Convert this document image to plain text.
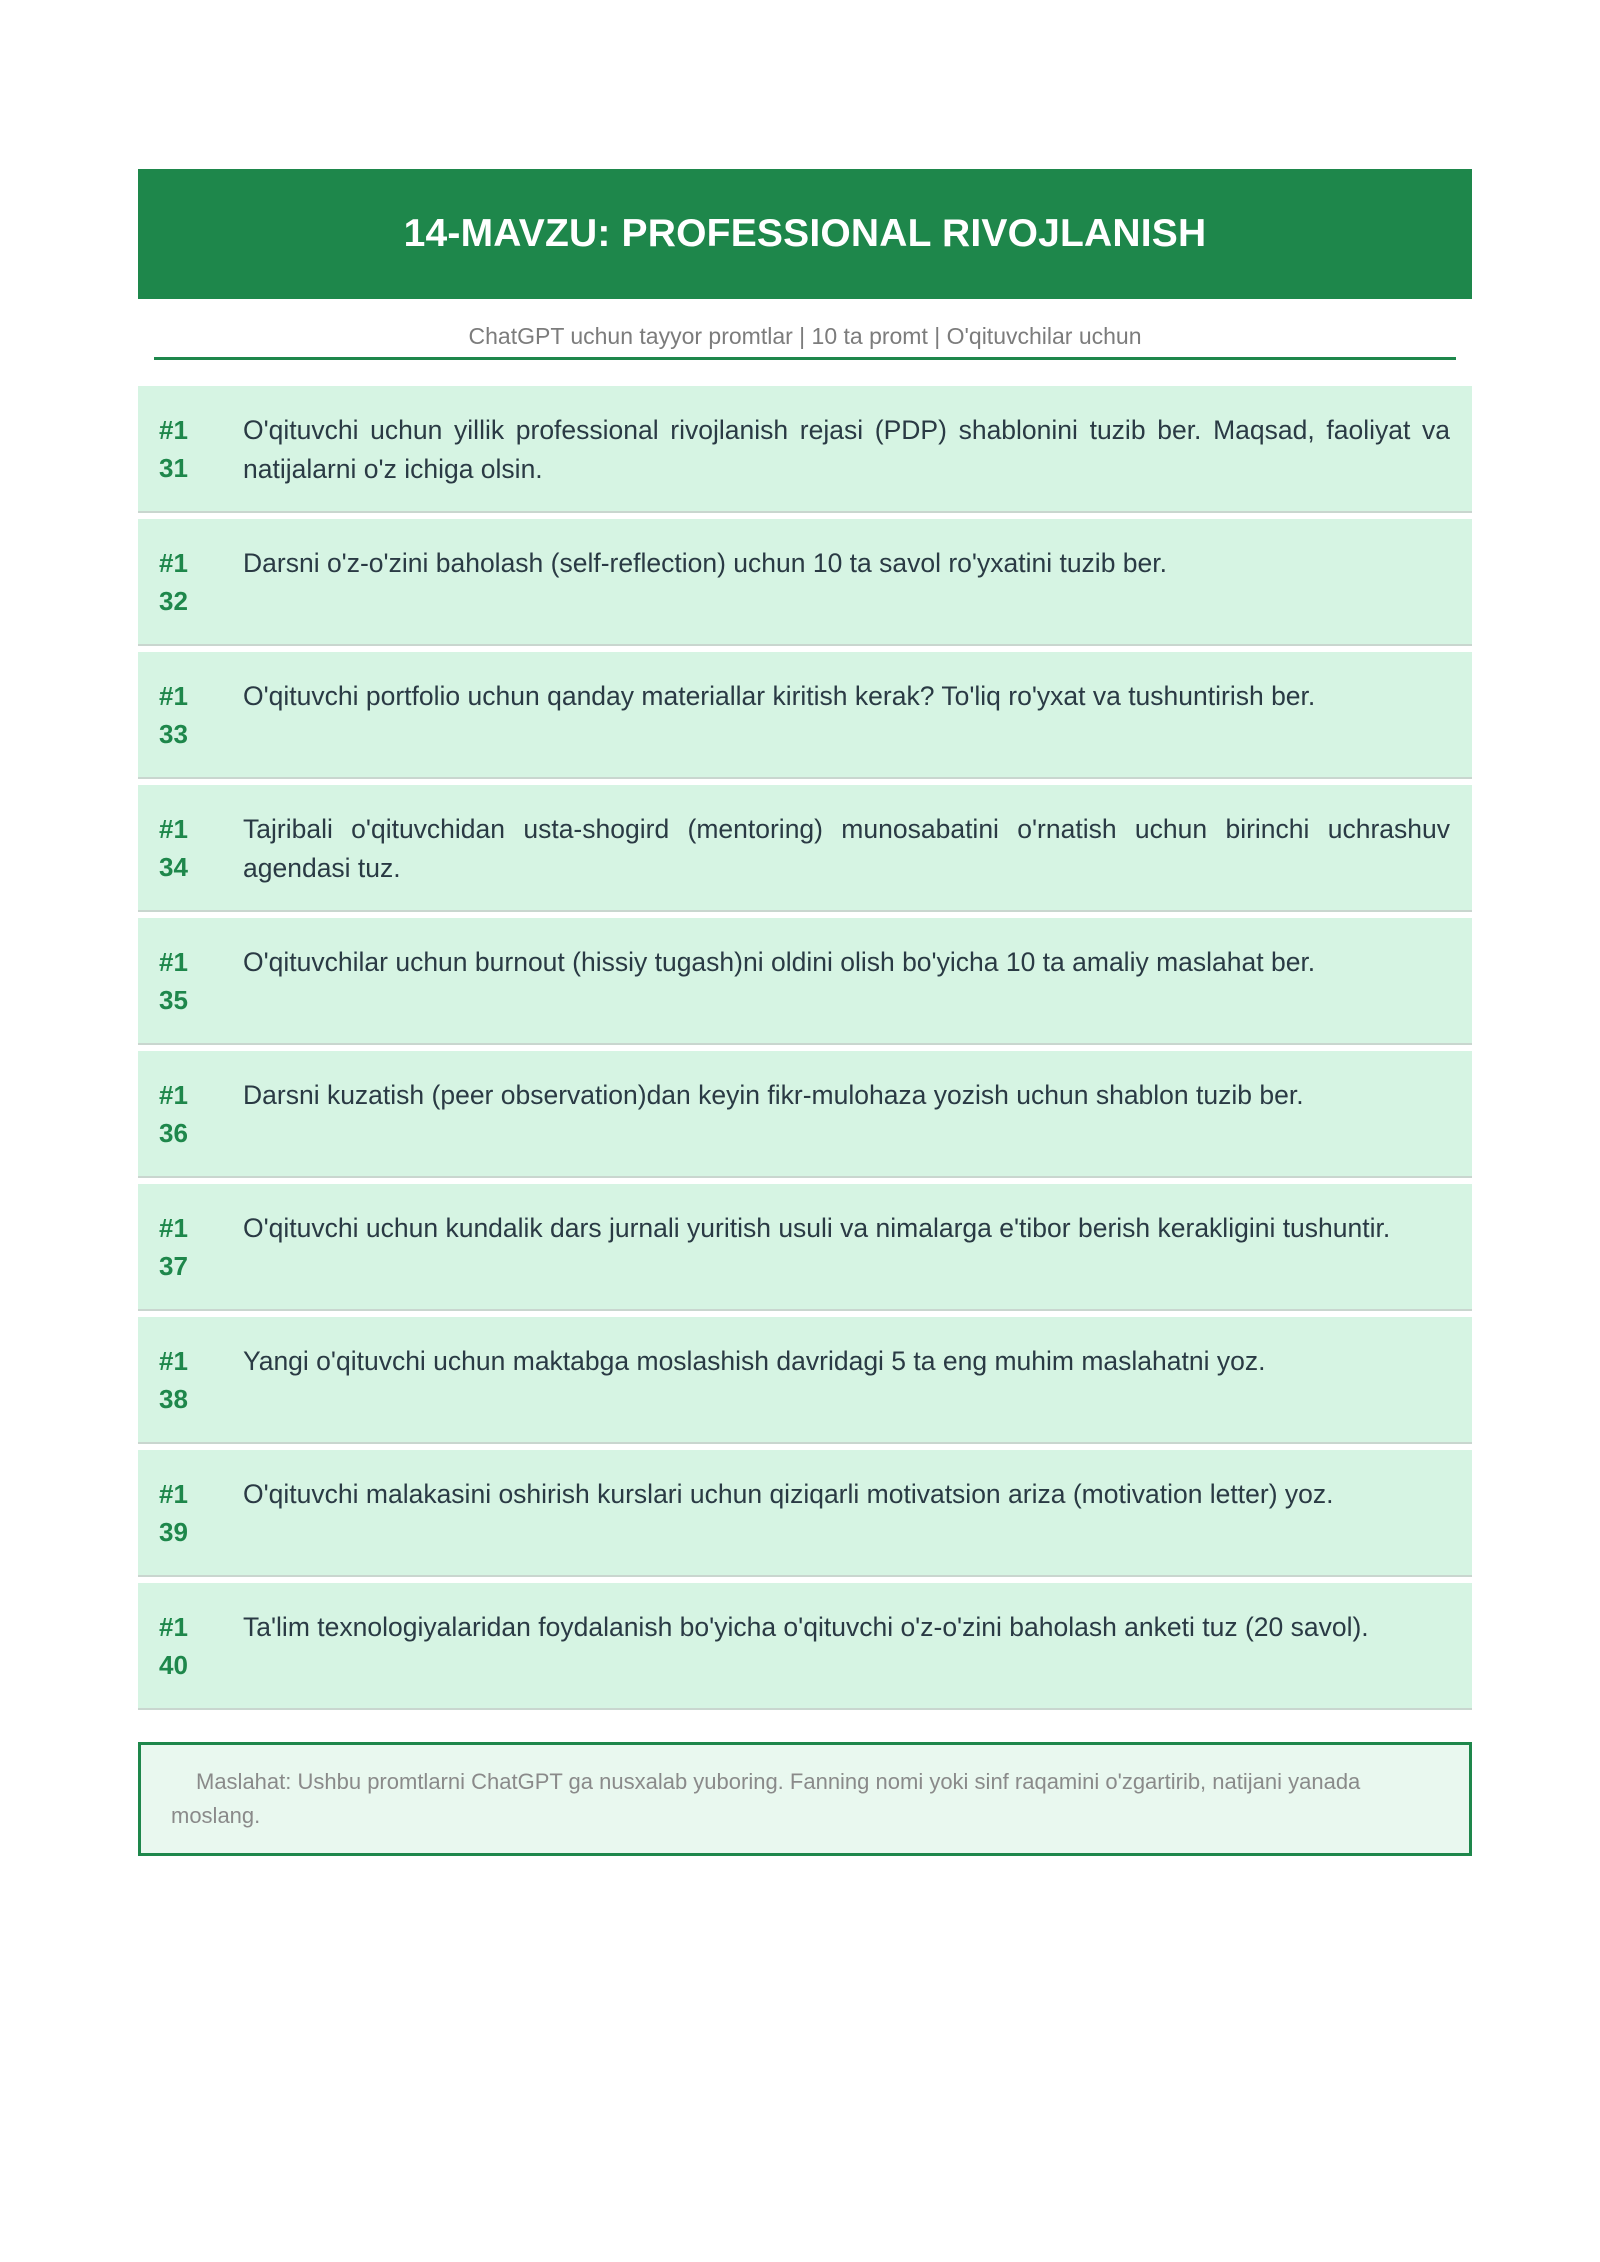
14-MAVZU: PROFESSIONAL RIVOJLANISH
ChatGPT uchun tayyor promtlar | 10 ta promt | O'qituvchilar uchun
#1
31
O'qituvchi uchun yillik professional rivojlanish rejasi (PDP) shablonini tuzib ber. Maqsad, faoliyat va natijalarni o'z ichiga olsin.
#1
32
Darsni o'z-o'zini baholash (self-reflection) uchun 10 ta savol ro'yxatini tuzib ber.
#1
33
O'qituvchi portfolio uchun qanday materiallar kiritish kerak? To'liq ro'yxat va tushuntirish ber.
#1
34
Tajribali o'qituvchidan usta-shogird (mentoring) munosabatini o'rnatish uchun birinchi uchrashuv agendasi tuz.
#1
35
O'qituvchilar uchun burnout (hissiy tugash)ni oldini olish bo'yicha 10 ta amaliy maslahat ber.
#1
36
Darsni kuzatish (peer observation)dan keyin fikr-mulohaza yozish uchun shablon tuzib ber.
#1
37
O'qituvchi uchun kundalik dars jurnali yuritish usuli va nimalarga e'tibor berish kerakligini tushuntir.
#1
38
Yangi o'qituvchi uchun maktabga moslashish davridagi 5 ta eng muhim maslahatni yoz.
#1
39
O'qituvchi malakasini oshirish kurslari uchun qiziqarli motivatsion ariza (motivation letter) yoz.
#1
40
Ta'lim texnologiyalaridan foydalanish bo'yicha o'qituvchi o'z-o'zini baholash anketi tuz (20 savol).
Maslahat: Ushbu promtlarni ChatGPT ga nusxalab yuboring. Fanning nomi yoki sinf raqamini o'zgartirib, natijani yanada moslang.
